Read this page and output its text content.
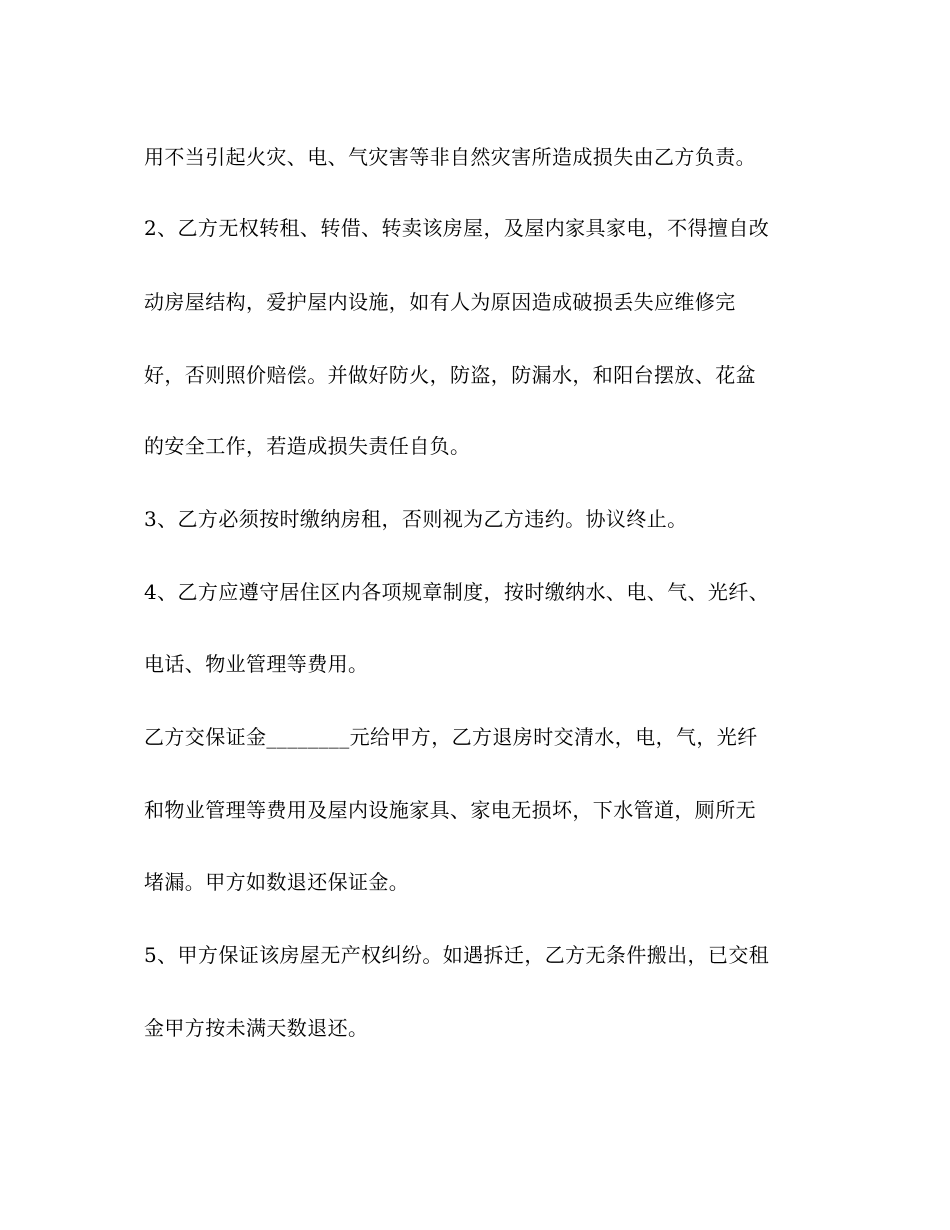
用不当引起火灾、电、气灾害等非自然灾害所造成损失由乙方负责。
2、乙方无权转租、转借、转卖该房屋，及屋内家具家电，不得擅自改
动房屋结构，爱护屋内设施，如有人为原因造成破损丢失应维修完
好，否则照价赔偿。并做好防火，防盗，防漏水，和阳台摆放、花盆
的安全工作，若造成损失责任自负。
3、乙方必须按时缴纳房租，否则视为乙方违约。协议终止。
4、乙方应遵守居住区内各项规章制度，按时缴纳水、电、气、光纤、
电话、物业管理等费用。
乙方交保证金________元给甲方，乙方退房时交清水，电，气，光纤
和物业管理等费用及屋内设施家具、家电无损坏，下水管道，厕所无
堵漏。甲方如数退还保证金。
5、甲方保证该房屋无产权纠纷。如遇拆迁，乙方无条件搬出，已交租
金甲方按未满天数退还。
